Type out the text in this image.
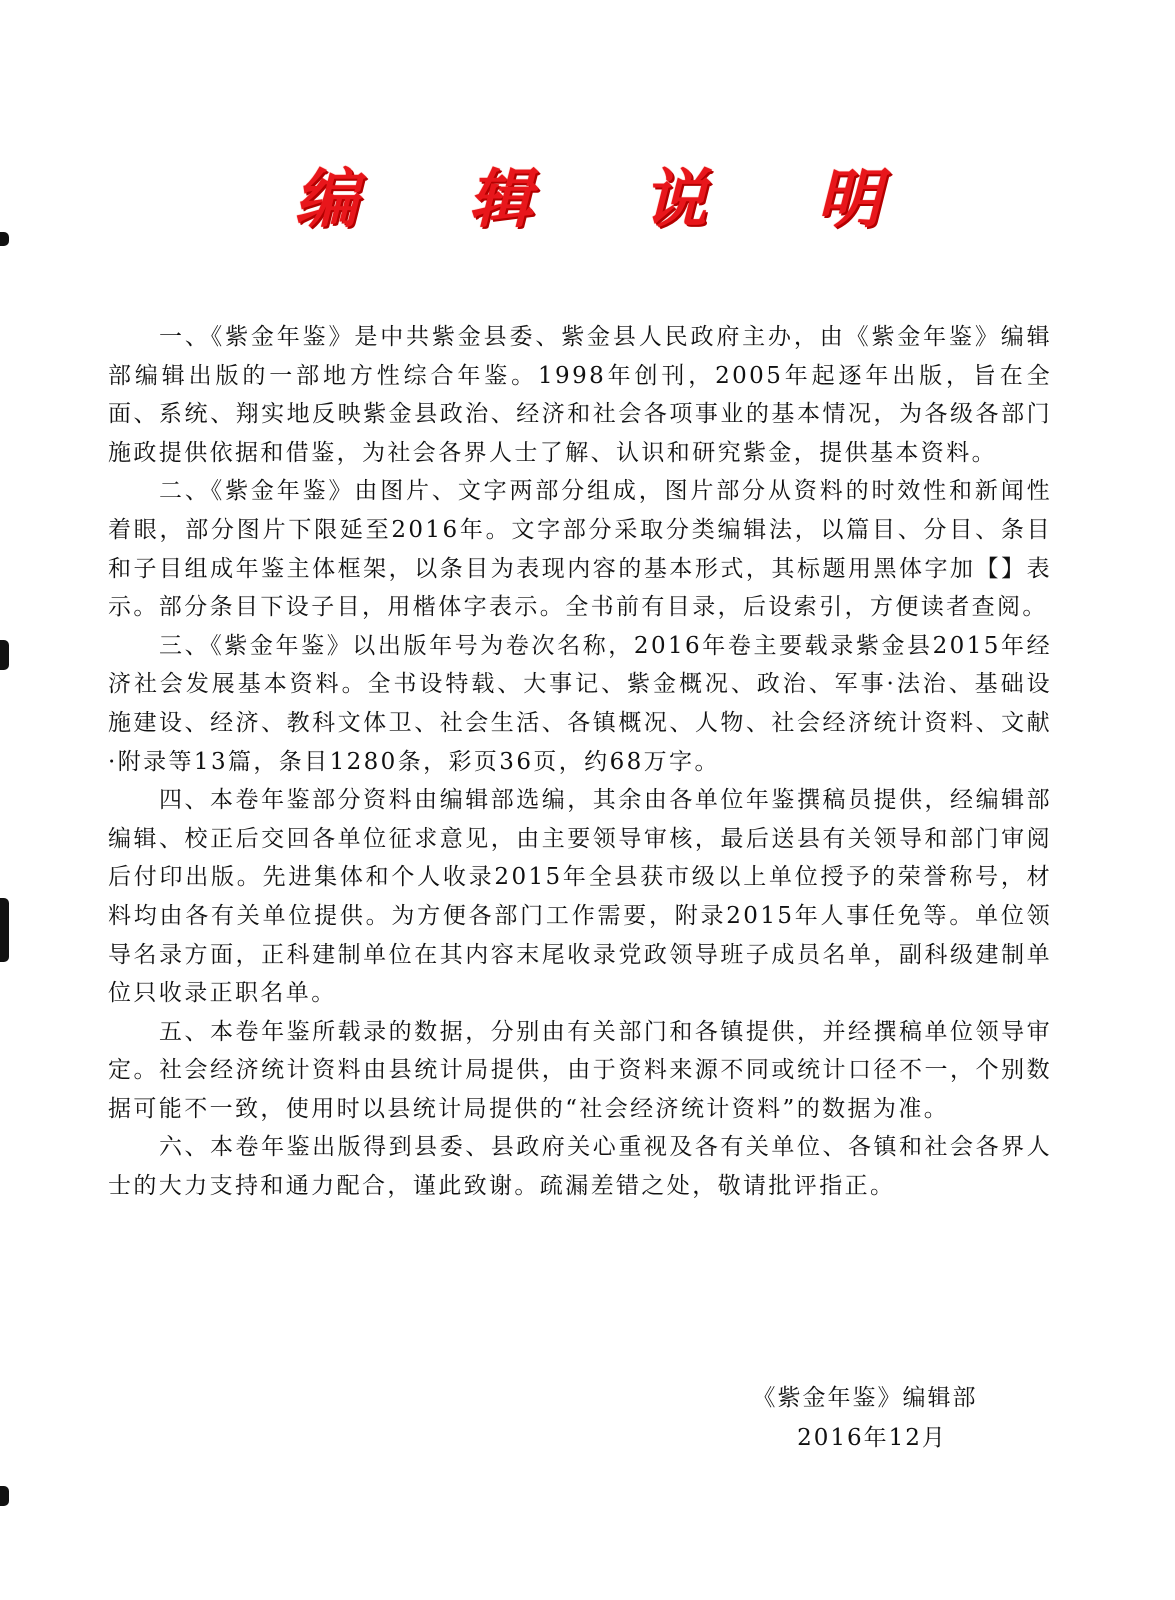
编 辑 说 明

一、《紫金年鉴》是中共紫金县委、紫金县人民政府主办，由《紫金年鉴》编辑部编辑出版的一部地方性综合年鉴。1998年创刊，2005年起逐年出版，旨在全面、系统、翔实地反映紫金县政治、经济和社会各项事业的基本情况，为各级各部门施政提供依据和借鉴，为社会各界人士了解、认识和研究紫金，提供基本资料。

二、《紫金年鉴》由图片、文字两部分组成，图片部分从资料的时效性和新闻性着眼，部分图片下限延至2016年。文字部分采取分类编辑法，以篇目、分目、条目和子目组成年鉴主体框架，以条目为表现内容的基本形式，其标题用黑体字加【】表示。部分条目下设子目，用楷体字表示。全书前有目录，后设索引，方便读者查阅。

三、《紫金年鉴》以出版年号为卷次名称，2016年卷主要载录紫金县2015年经济社会发展基本资料。全书设特载、大事记、紫金概况、政治、军事·法治、基础设施建设、经济、教科文体卫、社会生活、各镇概况、人物、社会经济统计资料、文献·附录等13篇，条目1280条，彩页36页，约68万字。

四、本卷年鉴部分资料由编辑部选编，其余由各单位年鉴撰稿员提供，经编辑部编辑、校正后交回各单位征求意见，由主要领导审核，最后送县有关领导和部门审阅后付印出版。先进集体和个人收录2015年全县获市级以上单位授予的荣誉称号，材料均由各有关单位提供。为方便各部门工作需要，附录2015年人事任免等。单位领导名录方面，正科建制单位在其内容末尾收录党政领导班子成员名单，副科级建制单位只收录正职名单。

五、本卷年鉴所载录的数据，分别由有关部门和各镇提供，并经撰稿单位领导审定。社会经济统计资料由县统计局提供，由于资料来源不同或统计口径不一，个别数据可能不一致，使用时以县统计局提供的“社会经济统计资料”的数据为准。

六、本卷年鉴出版得到县委、县政府关心重视及各有关单位、各镇和社会各界人士的大力支持和通力配合，谨此致谢。疏漏差错之处，敬请批评指正。

《紫金年鉴》编辑部
2016年12月
